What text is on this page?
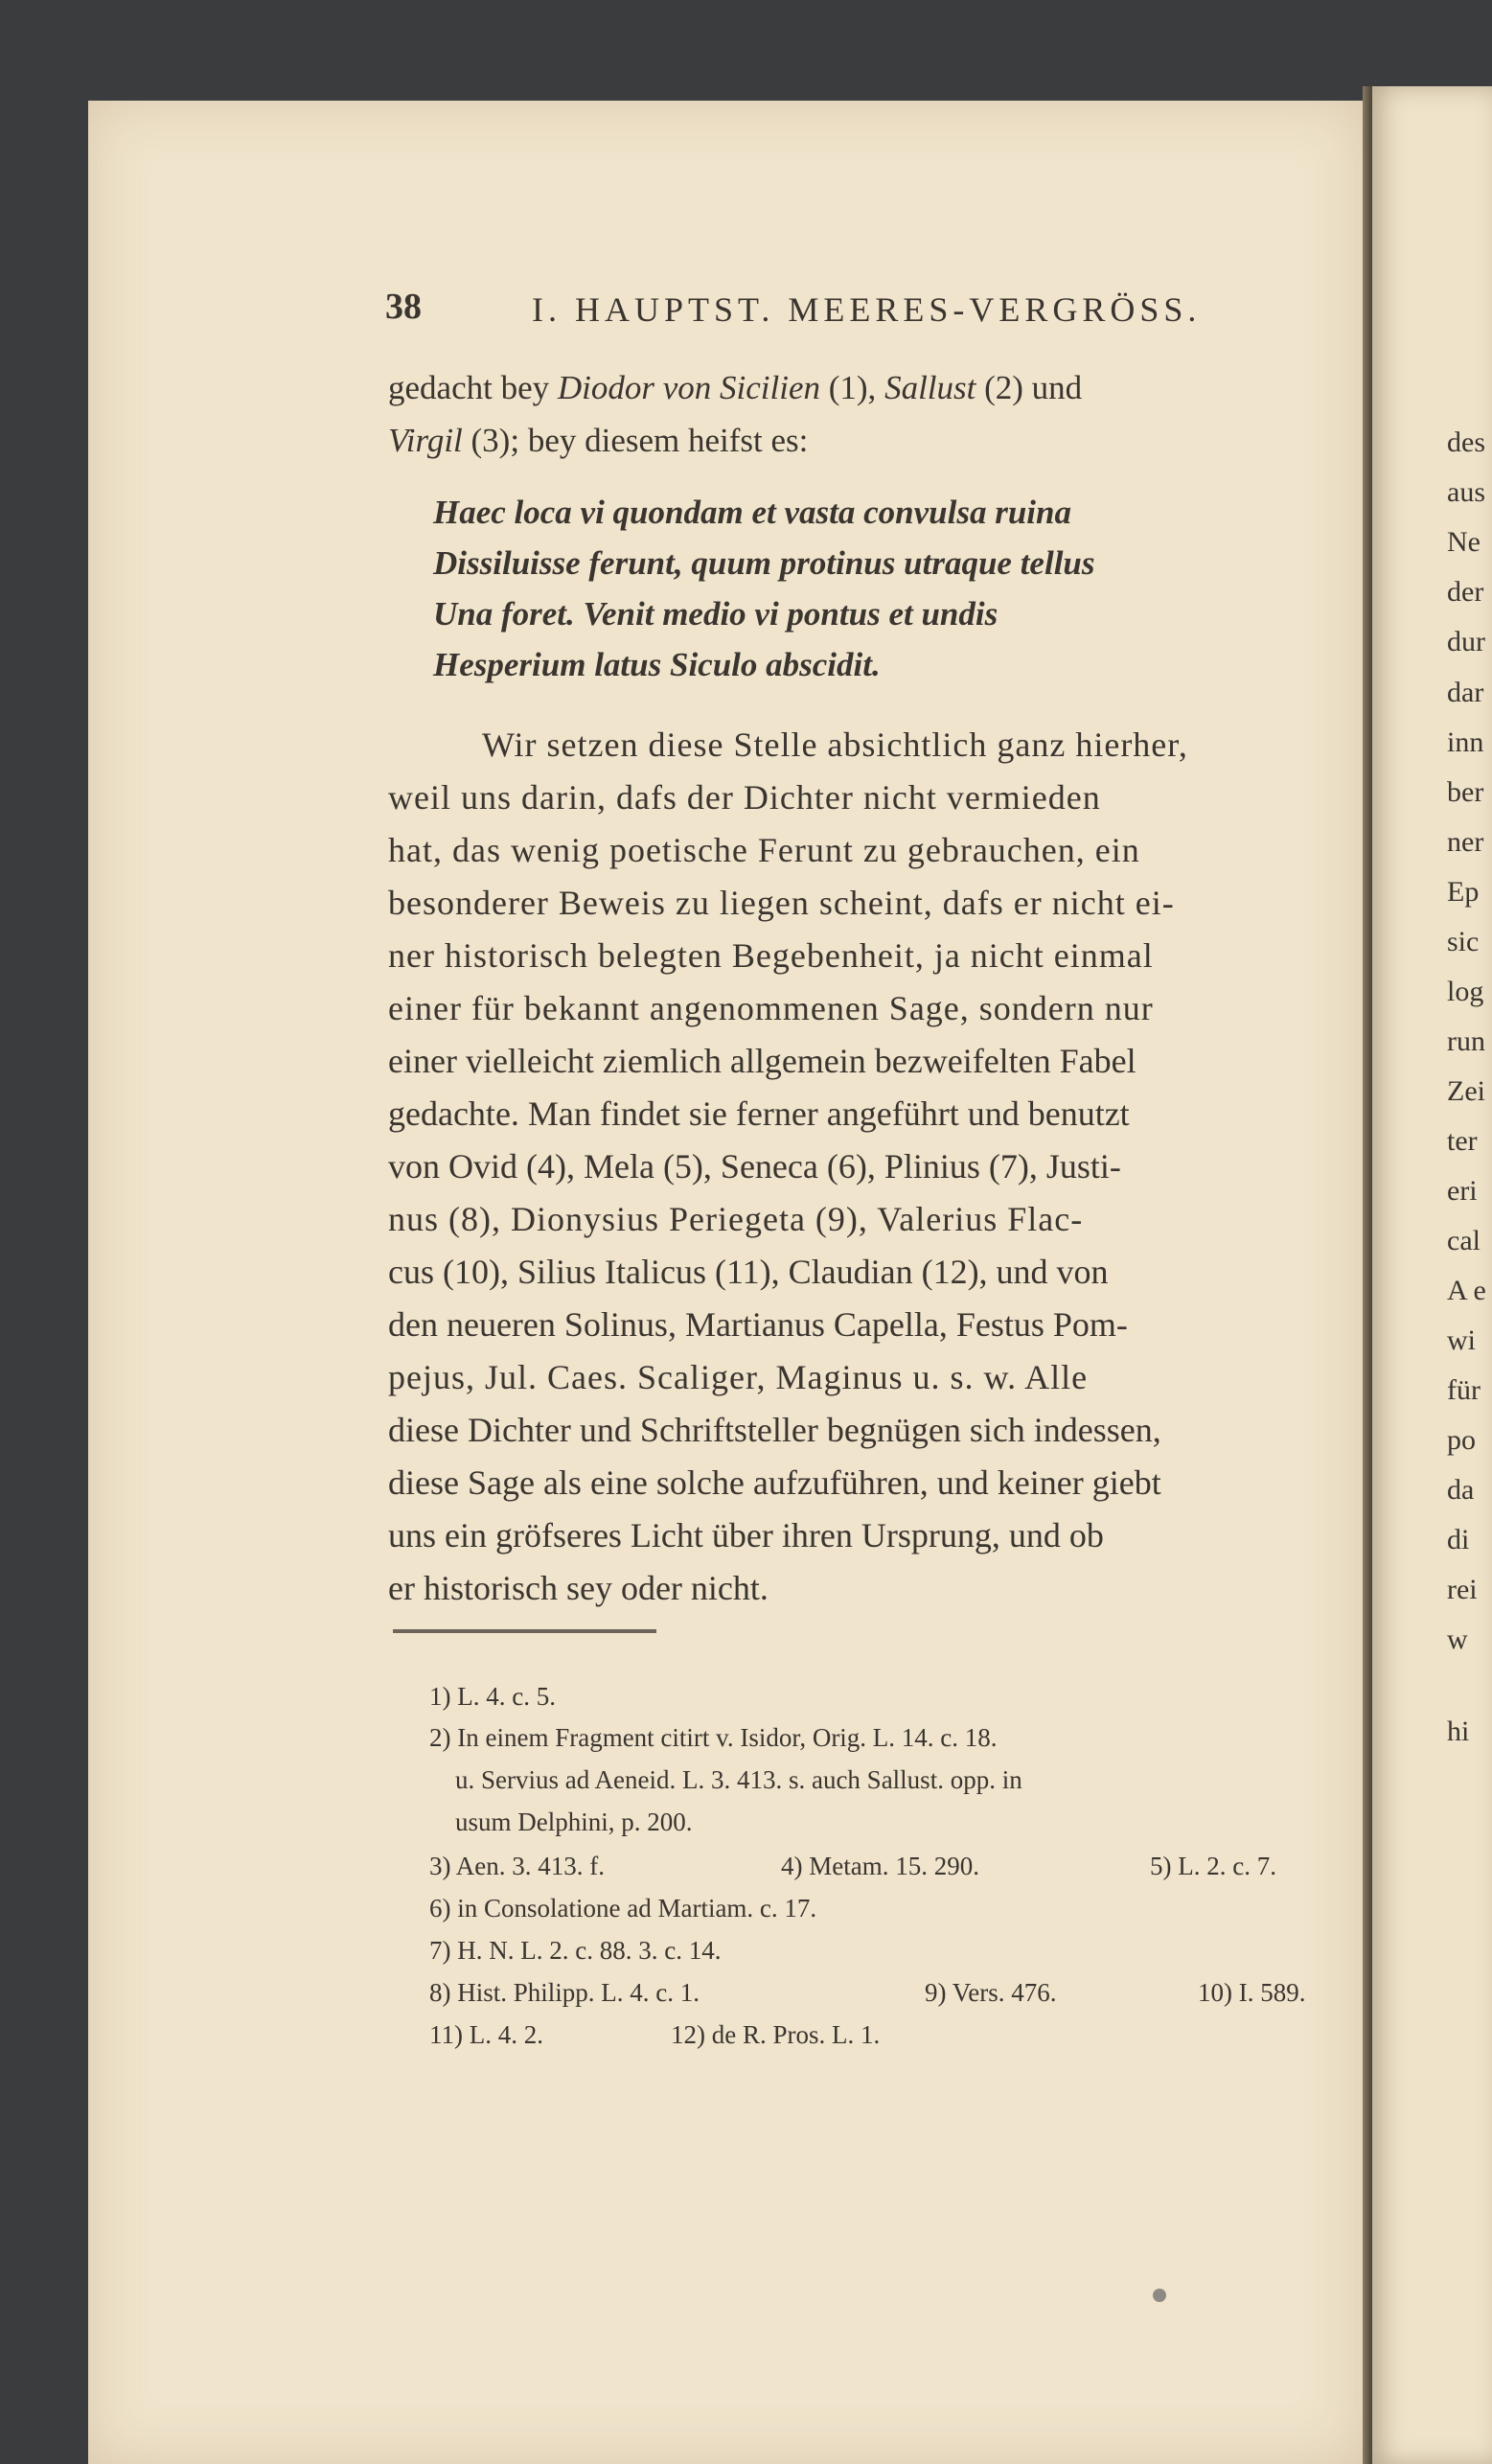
38	I. HAUPTST. MEERES-VERGRÖSS.
gedacht bey Diodor von Sicilien (1), Sallust (2) und
Virgil (3); bey diesem heifst es:
Haec loca vi quondam et vasta convulsa ruina
Dissiluisse ferunt, quum protinus utraque tellus
Una foret. Venit medio vi pontus et undis
Hesperium latus Siculo abscidit.
Wir setzen diese Stelle absichtlich ganz hierher,
weil uns darin, dafs der Dichter nicht vermieden
hat, das wenig poetische Ferunt zu gebrauchen, ein
besonderer Beweis zu liegen scheint, dafs er nicht ei-
ner historisch belegten Begebenheit, ja nicht einmal
einer für bekannt angenommenen Sage, sondern nur
einer vielleicht ziemlich allgemein bezweifelten Fabel
gedachte. Man findet sie ferner angeführt und benutzt
von Ovid (4), Mela (5), Seneca (6), Plinius (7), Justi-
nus (8), Dionysius Periegeta (9), Valerius Flac-
cus (10), Silius Italicus (11), Claudian (12), und von
den neueren Solinus, Martianus Capella, Festus Pom-
pejus, Jul. Caes. Scaliger, Maginus u. s. w. Alle
diese Dichter und Schriftsteller begnügen sich indessen,
diese Sage als eine solche aufzuführen, und keiner giebt
uns ein gröfseres Licht über ihren Ursprung, und ob
er historisch sey oder nicht.
1) L. 4. c. 5.
2) In einem Fragment citirt v. Isidor, Orig. L. 14. c. 18.
u. Servius ad Aeneid. L. 3. 413. s. auch Sallust. opp. in
usum Delphini, p. 200.
3) Aen. 3. 413. f.	4) Metam. 15. 290.	5) L. 2. c. 7.
6) in Consolatione ad Martiam. c. 17.
7) H. N. L. 2. c. 88. 3. c. 14.
8) Hist. Philipp. L. 4. c. 1.	9) Vers. 476.	10) I. 589.
11) L. 4. 2.	12) de R. Pros. L. 1.
des
aus
Ne
der
dur
dar
inn
ber
ner
Ep
sic
log
run
Zei
ter
eri
cal
A e
wi
für
po
da
di
rei
w
hi
